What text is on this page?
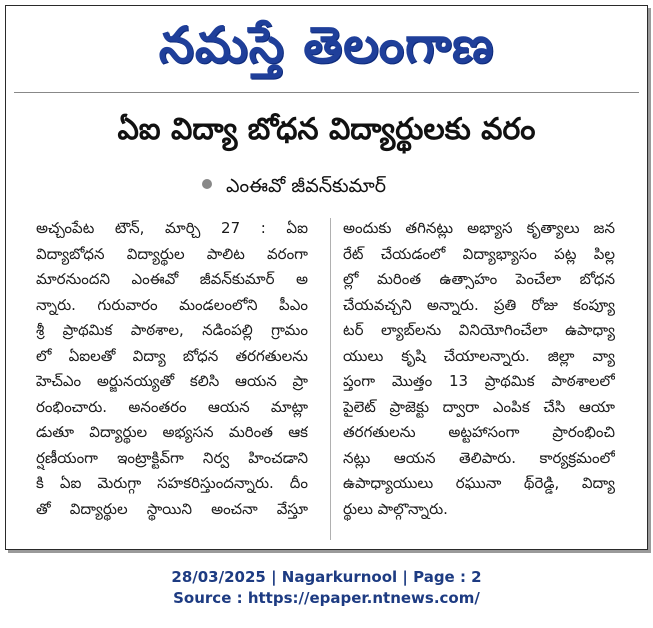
నమస్తే తెలంగాణ
ఏఐ విద్యా బోధన విద్యార్థులకు వరం
ఎంఈవో జీవన్‌కుమార్
అచ్చంపేట టౌన్‌, మార్చి 27 : ఏఐ
విద్యాబోధన విద్యార్థుల పాలిట వరంగా
మారనుందని ఎంఈవో జీవన్‌కుమార్‌ అ
న్నారు. గురువారం మండలంలోని పీఎం
శ్రీ ప్రాథమిక పాఠశాల, నడింపల్లి గ్రామం
లో ఏఐలతో విద్యా బోధన తరగతులను
హెచ్‌ఎం అర్జునయ్యతో కలిసి ఆయన ప్రా
రంభించారు. అనంతరం ఆయన మాట్లా
డుతూ విద్యార్థుల అభ్యసన మరింత ఆక
ర్షణీయంగా ఇంట్రాక్టివ్‌గా నిర్వ హించడాని
కి ఏఐ మెరుగ్గా సహకరిస్తుందన్నారు. దీం
తో విద్యార్థుల స్థాయిని అంచనా వేస్తూ
అందుకు తగినట్లు అభ్యాస కృత్యాలు జన
రేట్‌ చేయడంలో విద్యాభ్యాసం పట్ల పిల్ల
ల్లో మరింత ఉత్సాహం పెంచేలా బోధన
చేయవచ్చని అన్నారు. ప్రతి రోజు కంప్యూ
టర్‌ ల్యాబ్‌లను వినియోగించేలా ఉపాధ్యా
యులు కృషి చేయాలన్నారు. జిల్లా వ్యా
ప్తంగా మొత్తం 13 ప్రాథమిక పాఠశాలలో
పైలెట్‌ ప్రాజెక్టు ద్వారా ఎంపిక చేసి ఆయా
తరగతులను అట్టహాసంగా ప్రారంభించి
నట్లు ఆయన తెలిపారు. కార్యక్రమంలో
ఉపాధ్యాయులు రఘునా థ్‌రెడ్డి, విద్యా
ర్థులు పాల్గొన్నారు.
28/03/2025 | Nagarkurnool | Page : 2
Source : https://epaper.ntnews.com/
